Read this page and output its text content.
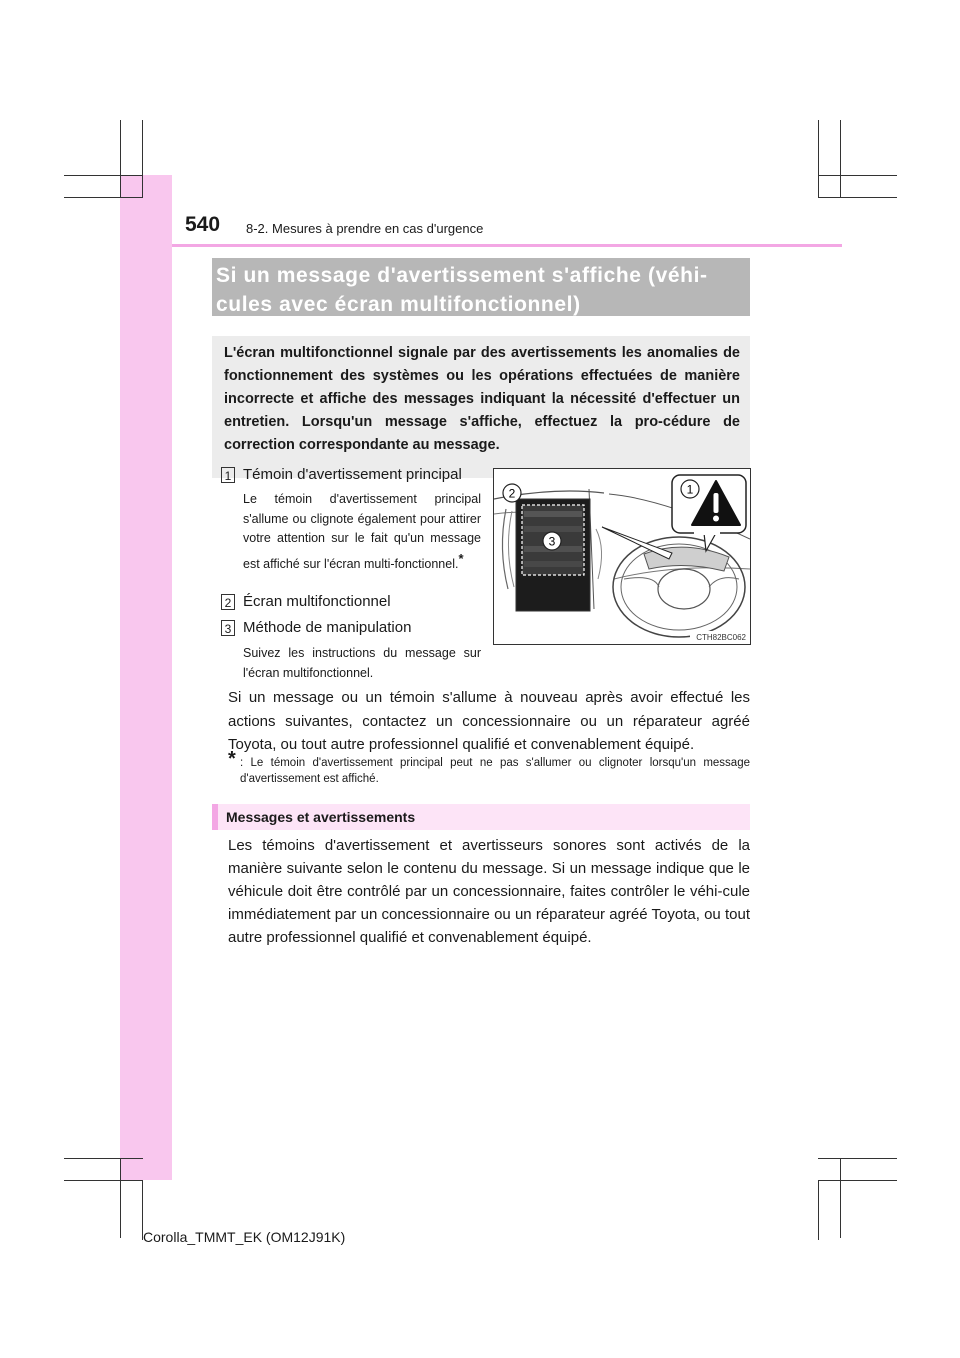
540 8-2. Mesures à prendre en cas d'urgence
Si un message d'avertissement s'affiche (véhi-
cules avec écran multifonctionnel)
L'écran multifonctionnel signale par des avertissements les anomalies de fonctionnement des systèmes ou les opérations effectuées de manière incorrecte et affiche des messages indiquant la nécessité d'effectuer un entretien. Lorsqu'un message s'affiche, effectuez la pro-cédure de correction correspondante au message.
1 Témoin d'avertissement principal
Le témoin d'avertissement principal s'allume ou clignote également pour attirer votre attention sur le fait qu'un message est affiché sur l'écran multi-fonctionnel.*
2 Écran multifonctionnel
3 Méthode de manipulation
Suivez les instructions du message sur l'écran multifonctionnel.
2	1
3
CTH82BC062
Si un message ou un témoin s'allume à nouveau après avoir effectué les actions suivantes, contactez un concessionnaire ou un réparateur agréé Toyota, ou tout autre professionnel qualifié et convenablement équipé.
* : Le témoin d'avertissement principal peut ne pas s'allumer ou clignoter lorsqu'un message d'avertissement est affiché.
Messages et avertissements
Les témoins d'avertissement et avertisseurs sonores sont activés de la manière suivante selon le contenu du message. Si un message indique que le véhicule doit être contrôlé par un concessionnaire, faites contrôler le véhi-cule immédiatement par un concessionnaire ou un réparateur agréé Toyota, ou tout autre professionnel qualifié et convenablement équipé.
Corolla_TMMT_EK (OM12J91K)
